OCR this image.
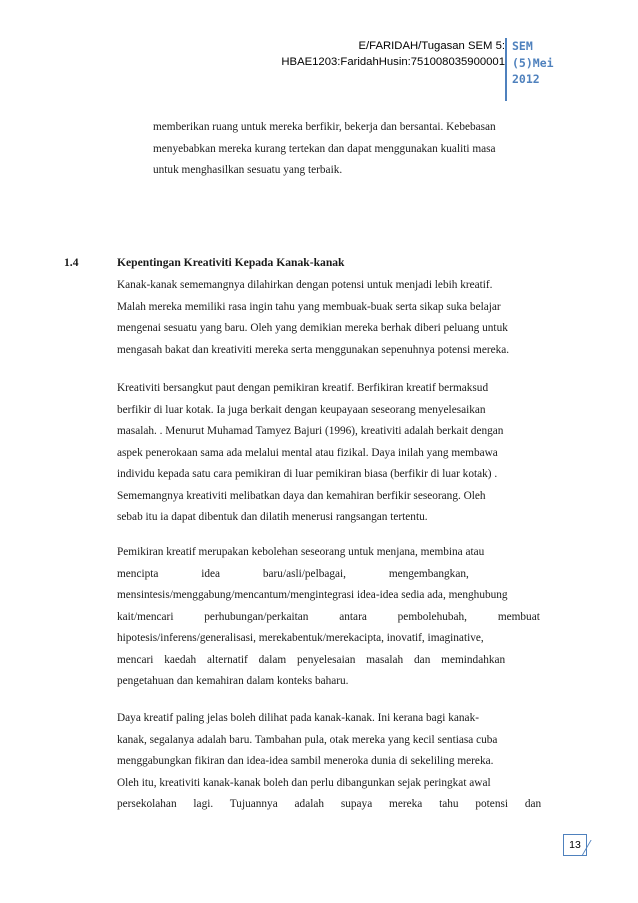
E/FARIDAH/Tugasan SEM 5:
HBAE1203:FaridahHusin:751008035900001
SEM
(5)Mei
2012
memberikan ruang untuk mereka berfikir, bekerja dan bersantai. Kebebasan
menyebabkan mereka kurang tertekan dan dapat menggunakan kualiti masa
untuk menghasilkan sesuatu yang terbaik.
1.4	Kepentingan Kreativiti Kepada Kanak-kanak
Kanak-kanak sememangnya dilahirkan dengan potensi untuk menjadi lebih kreatif.
Malah mereka memiliki rasa ingin tahu yang membuak-buak serta sikap suka belajar
mengenai sesuatu yang baru. Oleh yang demikian mereka berhak diberi peluang untuk
mengasah bakat dan kreativiti mereka serta menggunakan sepenuhnya potensi mereka.
Kreativiti bersangkut paut dengan pemikiran kreatif. Berfikiran kreatif bermaksud
berfikir di luar kotak. Ia juga berkait dengan keupayaan seseorang menyelesaikan
masalah. . Menurut Muhamad Tamyez Bajuri (1996), kreativiti adalah berkait dengan
aspek penerokaan sama ada melalui mental atau fizikal. Daya inilah yang membawa
individu kepada satu cara pemikiran di luar pemikiran biasa (berfikir di luar kotak) .
Sememangnya kreativiti melibatkan daya dan kemahiran berfikir seseorang. Oleh
sebab itu ia dapat dibentuk dan dilatih menerusi rangsangan tertentu.
Pemikiran kreatif merupakan kebolehan seseorang untuk menjana, membina atau
mencipta idea baru/asli/pelbagai, mengembangkan,
mensintesis/menggabung/mencantum/mengintegrasi idea-idea sedia ada, menghubung
kait/mencari perhubungan/perkaitan antara pembolehubah, membuat
hipotesis/inferens/generalisasi, merekabentuk/merekacipta, inovatif, imaginative,
mencari kaedah alternatif dalam penyelesaian masalah dan memindahkan
pengetahuan dan kemahiran dalam konteks baharu.
Daya kreatif paling jelas boleh dilihat pada kanak-kanak. Ini kerana bagi kanak-
kanak, segalanya adalah baru. Tambahan pula, otak mereka yang kecil sentiasa cuba
menggabungkan fikiran dan idea-idea sambil meneroka dunia di sekeliling mereka.
Oleh itu, kreativiti kanak-kanak boleh dan perlu dibangunkan sejak peringkat awal
persekolahan lagi. Tujuannya adalah supaya mereka tahu potensi dan
13
